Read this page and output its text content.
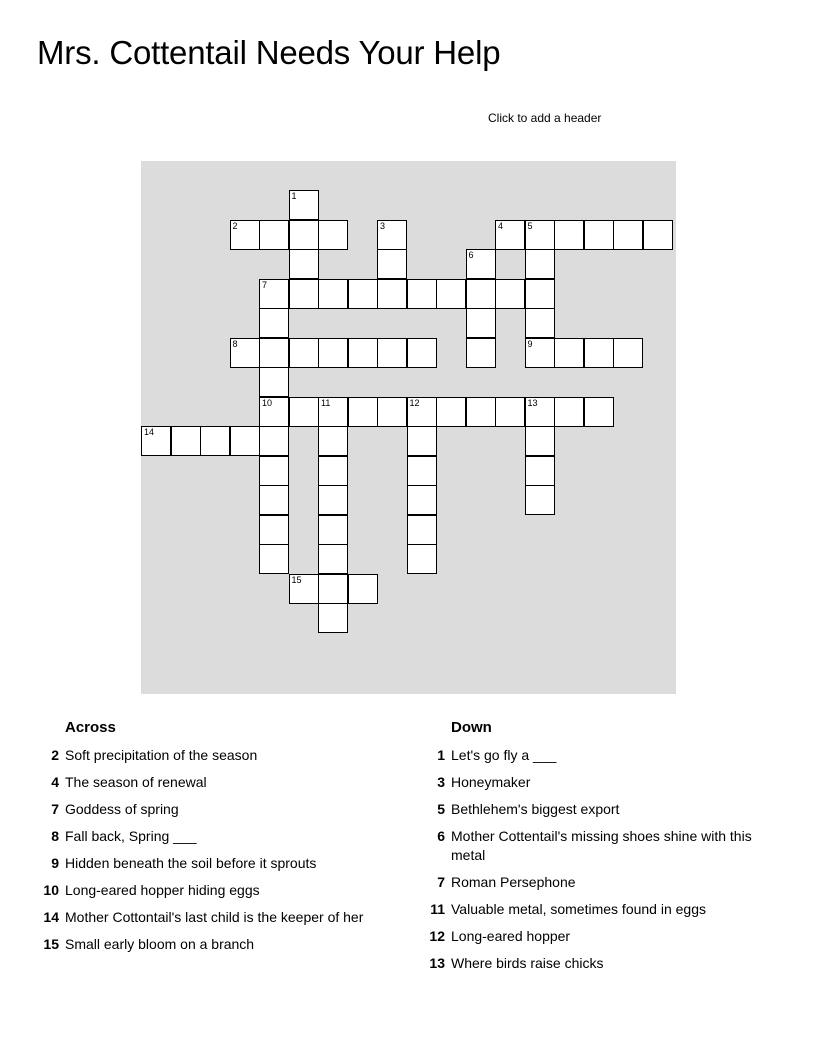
Mrs. Cottentail Needs Your Help
Click to add a header
1
2	3	4	5
6
7
8	9
10	11	12	13
14
15
Across
2 Soft precipitation of the season
4 The season of renewal
7 Goddess of spring
8 Fall back, Spring ___
9 Hidden beneath the soil before it sprouts
10 Long-eared hopper hiding eggs
14 Mother Cottontail's last child is the keeper of her
15 Small early bloom on a branch
Down
1 Let's go fly a ___
3 Honeymaker
5 Bethlehem's biggest export
6 Mother Cottentail's missing shoes shine with this metal
7 Roman Persephone
11 Valuable metal, sometimes found in eggs
12 Long-eared hopper
13 Where birds raise chicks
